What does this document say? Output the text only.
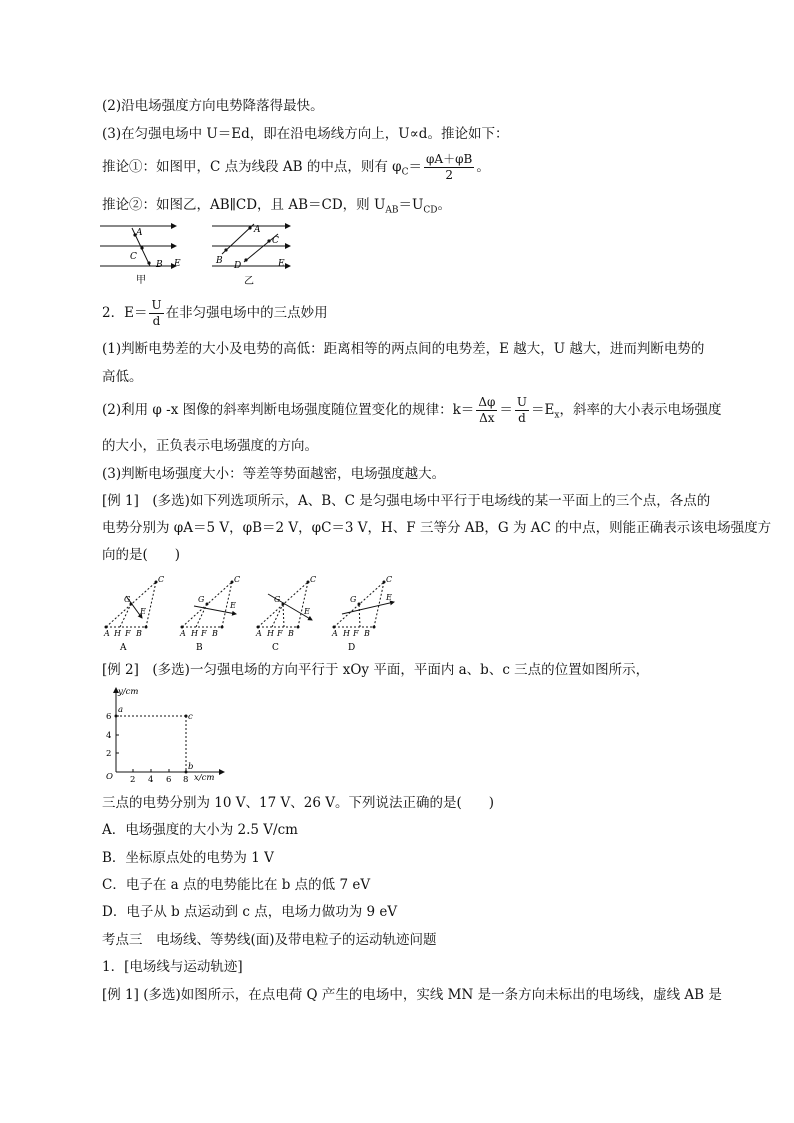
(2)沿电场强度方向电势降落得最快。
(3)在匀强电场中 U＝Ed，即在沿电场线方向上，U∝d。推论如下：
推论①：如图甲，C 点为线段 AB 的中点，则有 $\varphi_C= \frac{\varphi A+\varphi B}{2}$ 。
推论②：如图乙，AB∥CD，且 AB＝CD，则 $U_{AB}=U_{CD}$。
A
C
B E
甲
A
B
C
D	E
乙
2．$E= \frac{U}{d}$ 在非匀强电场中的三点妙用
(1)判断电势差的大小及电势的高低：距离相等的两点间的电势差，E 越大，U 越大，进而判断电势的
高低。
(2)利用 φ -x 图像的斜率判断电场强度随位置变化的规律：$k= \frac{\Delta\varphi}{\Delta x} = \frac{U}{d} =E_x$，斜率的大小表示电场强度
的大小，正负表示电场强度的方向。
(3)判断电场强度大小：等差等势面越密，电场强度越大。
[例 1]　(多选)如下列选项所示，A、B、C 是匀强电场中平行于电场线的某一平面上的三个点，各点的
电势分别为 φA＝5 V，φB＝2 V，φC＝3 V，H、F 三等分 AB，G 为 AC 的中点，则能正确表示该电场强度方
向的是(　　)
A H F B
G
E
C
A
A H F B
G
E
C
B
A H F B
G
E
C
C
A H F B
G	E
C
D
[例 2]　(多选)一匀强电场的方向平行于 xOy 平面，平面内 a、b、c 三点的位置如图所示，
y/cm
x/cm
O
a
c
b
6
4
2
2 4 6 8
三点的电势分别为 10 V、17 V、26 V。下列说法正确的是(　　)
A．电场强度的大小为 2.5 V/cm
B．坐标原点处的电势为 1 V
C．电子在 a 点的电势能比在 b 点的低 7 eV
D．电子从 b 点运动到 c 点，电场力做功为 9 eV
考点三　电场线、等势线(面)及带电粒子的运动轨迹问题
1．[电场线与运动轨迹]
[例 1] (多选)如图所示，在点电荷 Q 产生的电场中，实线 MN 是一条方向未标出的电场线，虚线 AB 是
